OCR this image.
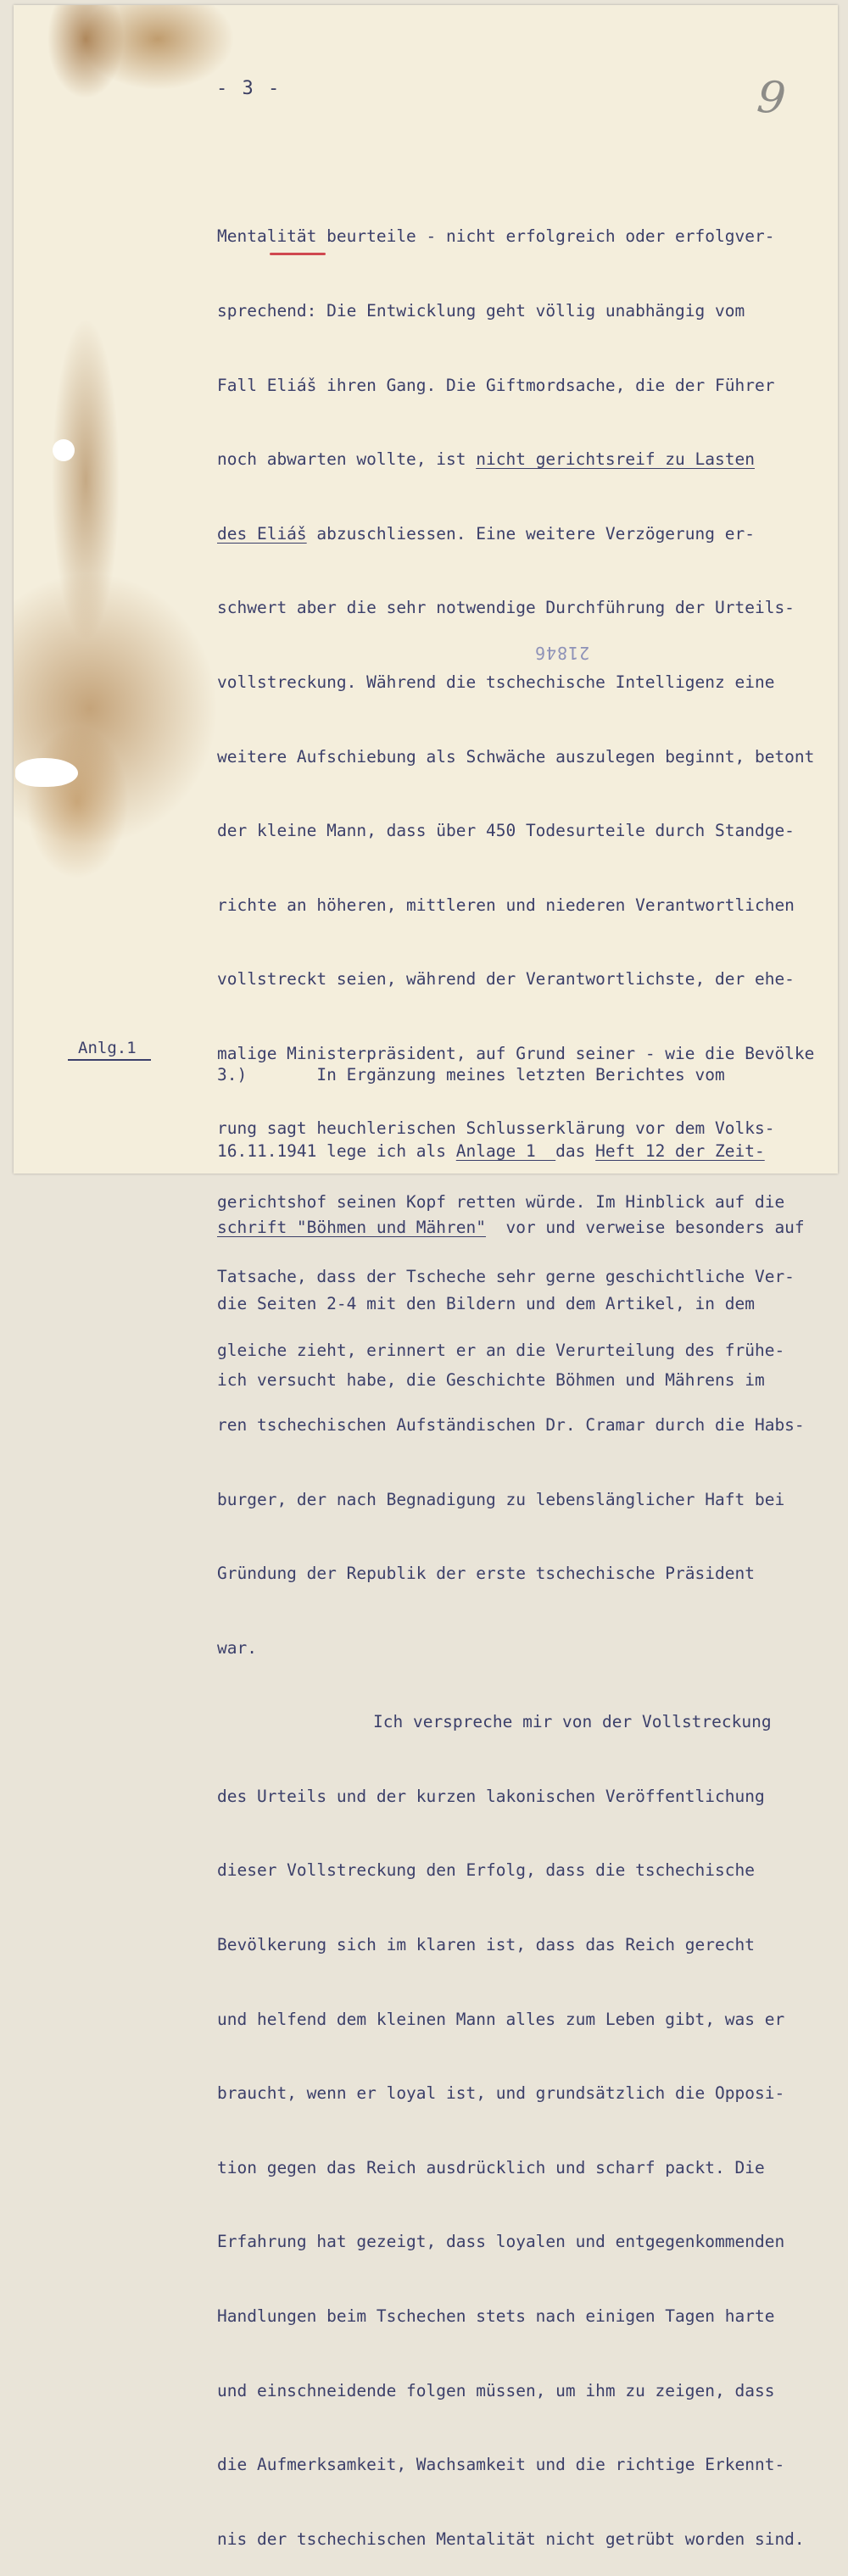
- 3 -	9
21846

Mentalität beurteile - nicht erfolgreich oder erfolgver-

sprechend: Die Entwicklung geht völlig unabhängig vom

Fall Eliáš ihren Gang. Die Giftmordsache, die der Führer

noch abwarten wollte, ist nicht gerichtsreif zu Lasten

des Eliáš abzuschliessen. Eine weitere Verzögerung er-

schwert aber die sehr notwendige Durchführung der Urteils-

vollstreckung. Während die tschechische Intelligenz eine

weitere Aufschiebung als Schwäche auszulegen beginnt, betont

der kleine Mann, dass über 450 Todesurteile durch Standge-

richte an höheren, mittleren und niederen Verantwortlichen

vollstreckt seien, während der Verantwortlichste, der ehe-

malige Ministerpräsident, auf Grund seiner - wie die Bevölke

rung sagt heuchlerischen Schlusserklärung vor dem Volks-

gerichtshof seinen Kopf retten würde. Im Hinblick auf die

Tatsache, dass der Tscheche sehr gerne geschichtliche Ver-

gleiche zieht, erinnert er an die Verurteilung des frühe-

ren tschechischen Aufständischen Dr. Cramar durch die Habs-

burger, der nach Begnadigung zu lebenslänglicher Haft bei

Gründung der Republik der erste tschechische Präsident

war.

Ich verspreche mir von der Vollstreckung

des Urteils und der kurzen lakonischen Veröffentlichung

dieser Vollstreckung den Erfolg, dass die tschechische

Bevölkerung sich im klaren ist, dass das Reich gerecht

und helfend dem kleinen Mann alles zum Leben gibt, was er

braucht, wenn er loyal ist, und grundsätzlich die Opposi-

tion gegen das Reich ausdrücklich und scharf packt. Die

Erfahrung hat gezeigt, dass loyalen und entgegenkommenden

Handlungen beim Tschechen stets nach einigen Tagen harte

und einschneidende folgen müssen, um ihm zu zeigen, dass

die Aufmerksamkeit, Wachsamkeit und die richtige Erkennt-

nis der tschechischen Mentalität nicht getrübt worden sind.

3.)       In Ergänzung meines letzten Berichtes vom

16.11.1941 lege ich als Anlage 1  das Heft 12 der Zeit-

schrift "Böhmen und Mähren"  vor und verweise besonders auf

die Seiten 2-4 mit den Bildern und dem Artikel, in dem

ich versucht habe, die Geschichte Böhmen und Mährens im

Anlg.1
